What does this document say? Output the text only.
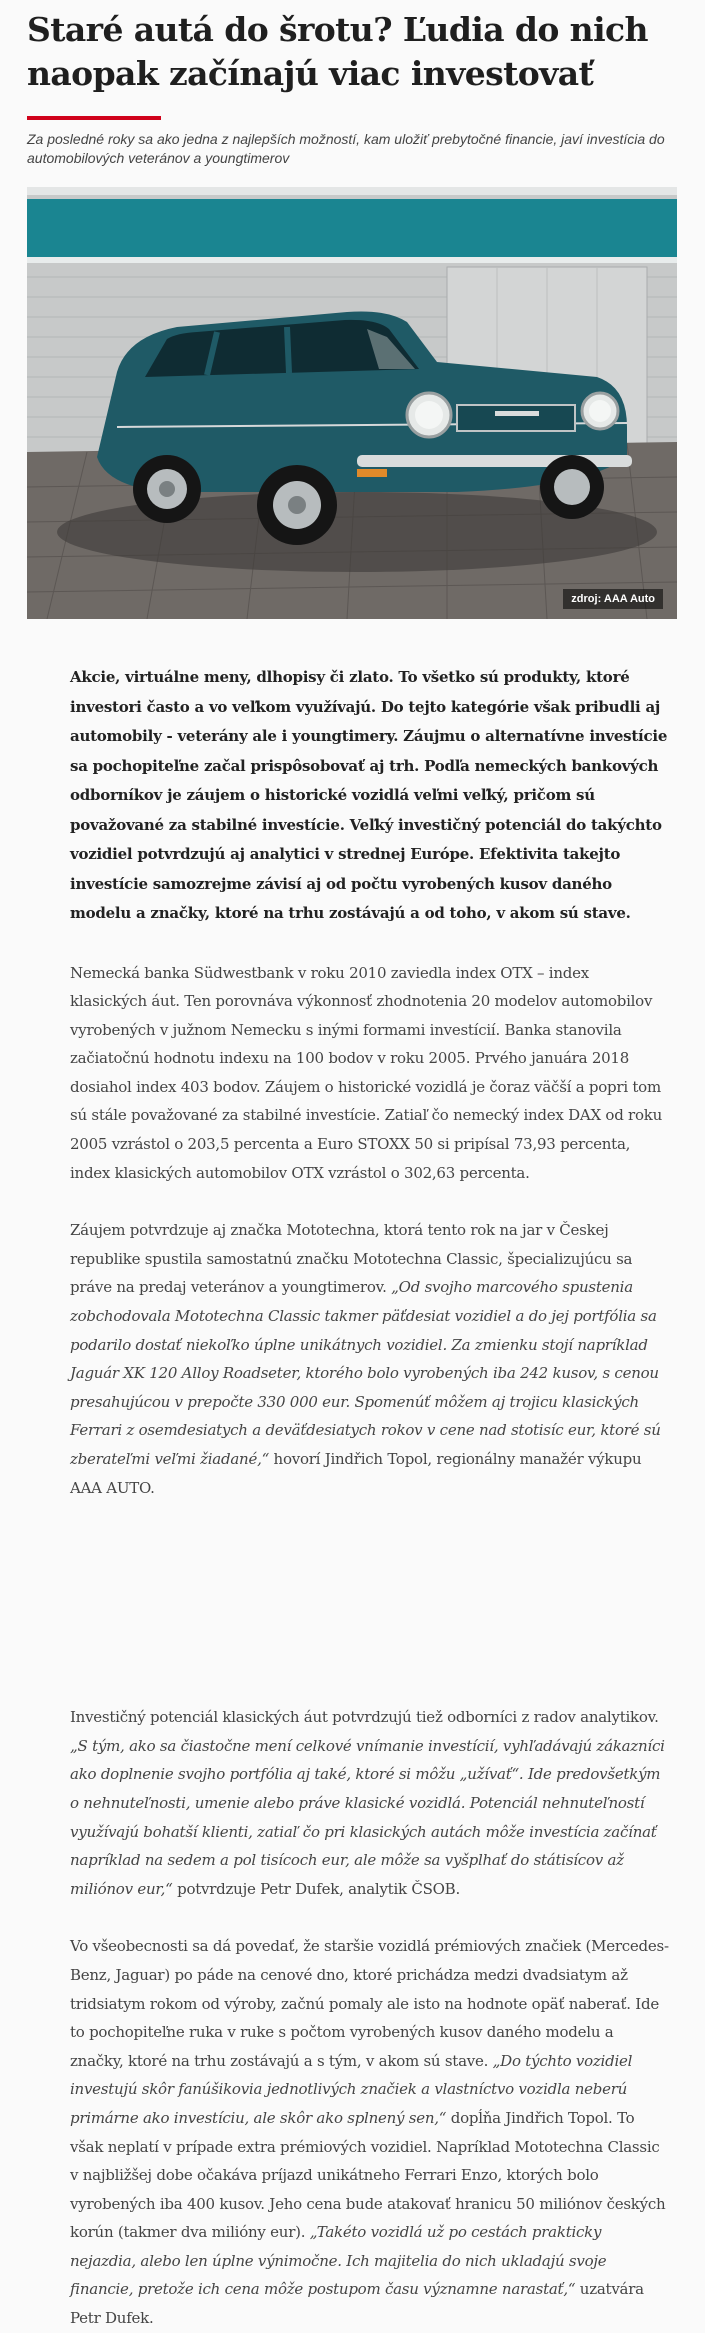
Staré autá do šrotu? Ľudia do nich naopak začínajú viac investovať

Za posledné roky sa ako jedna z najlepších možností, kam uložiť prebytočné financie, javí investícia do automobilových veteránov a youngtimerov

zdroj: AAA Auto

Akcie, virtuálne meny, dlhopisy či zlato. To všetko sú produkty, ktoré investori často a vo veľkom využívajú. Do tejto kategórie však pribudli aj automobily - veterány ale i youngtimery. Záujmu o alternatívne investície sa pochopiteľne začal prispôsobovať aj trh. Podľa nemeckých bankových odborníkov je záujem o historické vozidlá veľmi veľký, pričom sú považované za stabilné investície. Veľký investičný potenciál do takýchto vozidiel potvrdzujú aj analytici v strednej Európe. Efektivita takejto investície samozrejme závisí aj od počtu vyrobených kusov daného modelu a značky, ktoré na trhu zostávajú a od toho, v akom sú stave.

Nemecká banka Südwestbank v roku 2010 zaviedla index OTX – index klasických áut. Ten porovnáva výkonnosť zhodnotenia 20 modelov automobilov vyrobených v južnom Nemecku s inými formami investícií. Banka stanovila začiatočnú hodnotu indexu na 100 bodov v roku 2005. Prvého januára 2018 dosiahol index 403 bodov. Záujem o historické vozidlá je čoraz väčší a popri tom sú stále považované za stabilné investície. Zatiaľ čo nemecký index DAX od roku 2005 vzrástol o 203,5 percenta a Euro STOXX 50 si pripísal 73,93 percenta, index klasických automobilov OTX vzrástol o 302,63 percenta.

Záujem potvrdzuje aj značka Mototechna, ktorá tento rok na jar v Českej republike spustila samostatnú značku Mototechna Classic, špecializujúcu sa práve na predaj veteránov a youngtimerov. „Od svojho marcového spustenia zobchodovala Mototechna Classic takmer päťdesiat vozidiel a do jej portfólia sa podarilo dostať niekoľko úplne unikátnych vozidiel. Za zmienku stojí napríklad Jaguár XK 120 Alloy Roadseter, ktorého bolo vyrobených iba 242 kusov, s cenou presahujúcou v prepočte 330 000 eur. Spomenúť môžem aj trojicu klasických Ferrari z osemdesiatych a deväťdesiatych rokov v cene nad stotisíc eur, ktoré sú zberateľmi veľmi žiadané,“ hovorí Jindřich Topol, regionálny manažér výkupu AAA AUTO.

Investičný potenciál klasických áut potvrdzujú tiež odborníci z radov analytikov. „S tým, ako sa čiastočne mení celkové vnímanie investícií, vyhľadávajú zákazníci ako doplnenie svojho portfólia aj také, ktoré si môžu „užívať“. Ide predovšetkým o nehnuteľnosti, umenie alebo práve klasické vozidlá. Potenciál nehnuteľností využívajú bohatší klienti, zatiaľ čo pri klasických autách môže investícia začínať napríklad na sedem a pol tisícoch eur, ale môže sa vyšplhať do státisícov až miliónov eur,“ potvrdzuje Petr Dufek, analytik ČSOB.

Vo všeobecnosti sa dá povedať, že staršie vozidlá prémiových značiek (Mercedes-Benz, Jaguar) po páde na cenové dno, ktoré prichádza medzi dvadsiatym až tridsiatym rokom od výroby, začnú pomaly ale isto na hodnote opäť naberať. Ide to pochopiteľne ruka v ruke s počtom vyrobených kusov daného modelu a značky, ktoré na trhu zostávajú a s tým, v akom sú stave. „Do týchto vozidiel investujú skôr fanúšikovia jednotlivých značiek a vlastníctvo vozidla neberú primárne ako investíciu, ale skôr ako splnený sen,“ dopĺňa Jindřich Topol. To však neplatí v prípade extra prémiových vozidiel. Napríklad Mototechna Classic v najbližšej dobe očakáva príjazd unikátneho Ferrari Enzo, ktorých bolo vyrobených iba 400 kusov. Jeho cena bude atakovať hranicu 50 miliónov českých korún (takmer dva milióny eur). „Takéto vozidlá už po cestách prakticky nejazdia, alebo len úplne výnimočne. Ich majitelia do nich ukladajú svoje financie, pretože ich cena môže postupom času významne narastať,“ uzatvára Petr Dufek.
